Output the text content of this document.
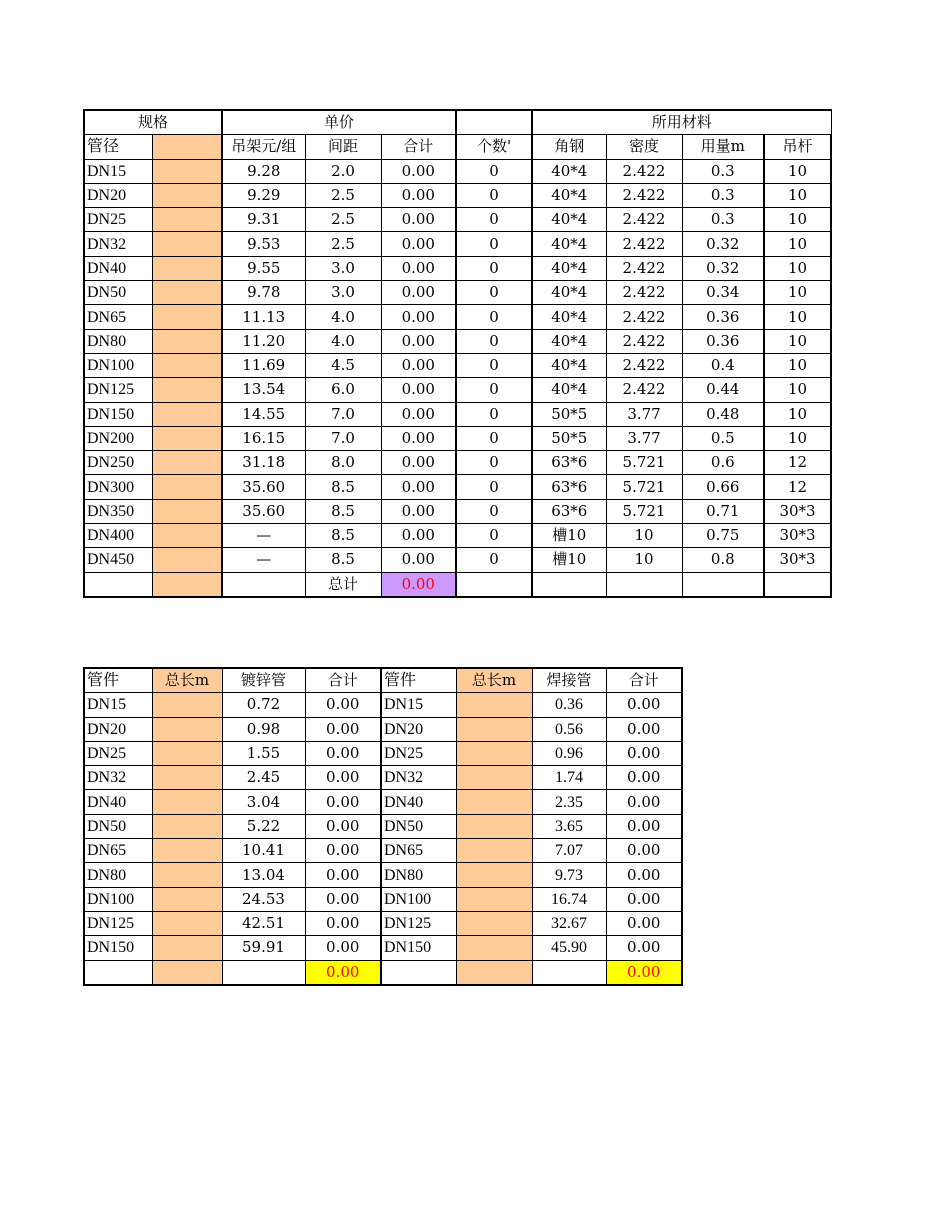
规格		单价				所用材料			
管径		吊架元/组	间距	合计	个数'	角钢	密度	用量m	吊杆
DN15		9.28	2.0	0.00	0	40*4	2.422	0.3	10
DN20		9.29	2.5	0.00	0	40*4	2.422	0.3	10
DN25		9.31	2.5	0.00	0	40*4	2.422	0.3	10
DN32		9.53	2.5	0.00	0	40*4	2.422	0.32	10
DN40		9.55	3.0	0.00	0	40*4	2.422	0.32	10
DN50		9.78	3.0	0.00	0	40*4	2.422	0.34	10
DN65		11.13	4.0	0.00	0	40*4	2.422	0.36	10
DN80		11.20	4.0	0.00	0	40*4	2.422	0.36	10
DN100		11.69	4.5	0.00	0	40*4	2.422	0.4	10
DN125		13.54	6.0	0.00	0	40*4	2.422	0.44	10
DN150		14.55	7.0	0.00	0	50*5	3.77	0.48	10
DN200		16.15	7.0	0.00	0	50*5	3.77	0.5	10
DN250		31.18	8.0	0.00	0	63*6	5.721	0.6	12
DN300		35.60	8.5	0.00	0	63*6	5.721	0.66	12
DN350		35.60	8.5	0.00	0	63*6	5.721	0.71	30*3
DN400		—	8.5	0.00	0	槽10	10	0.75	30*3
DN450		—	8.5	0.00	0	槽10	10	0.8	30*3
			总计	0.00					
管件	总长m	镀锌管	合计	管件	总长m	焊接管	合计
DN15		0.72	0.00	DN15		0.36	0.00
DN20		0.98	0.00	DN20		0.56	0.00
DN25		1.55	0.00	DN25		0.96	0.00
DN32		2.45	0.00	DN32		1.74	0.00
DN40		3.04	0.00	DN40		2.35	0.00
DN50		5.22	0.00	DN50		3.65	0.00
DN65		10.41	0.00	DN65		7.07	0.00
DN80		13.04	0.00	DN80		9.73	0.00
DN100		24.53	0.00	DN100		16.74	0.00
DN125		42.51	0.00	DN125		32.67	0.00
DN150		59.91	0.00	DN150		45.90	0.00
			0.00				0.00
